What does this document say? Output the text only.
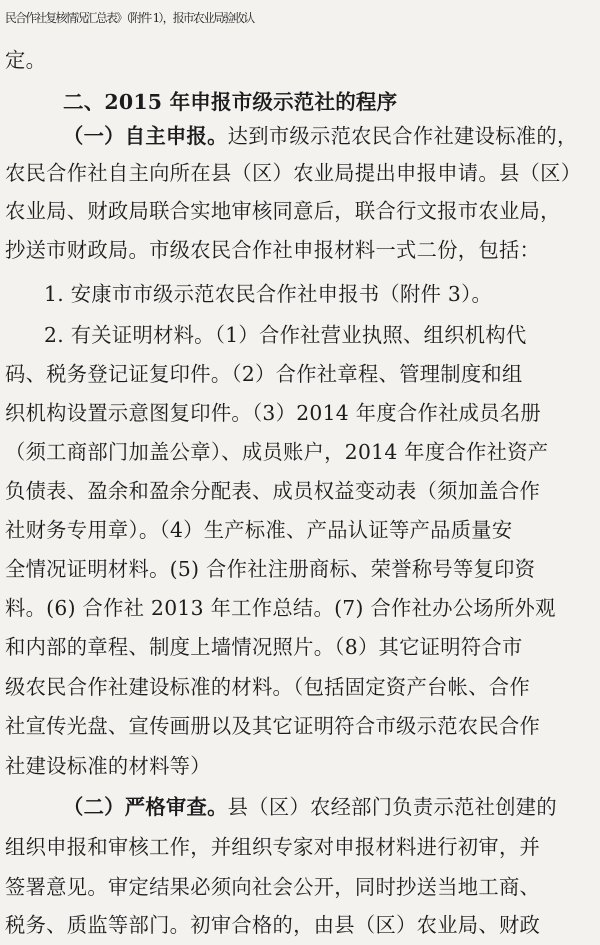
民合作社复核情况汇总表》（附件 1），报市农业局验收认
定。
二、2015 年申报市级示范社的程序
（一）自主申报。达到市级示范农民合作社建设标准的，
农民合作社自主向所在县（区）农业局提出申报申请。县（区）
农业局、财政局联合实地审核同意后，联合行文报市农业局，
抄送市财政局。市级农民合作社申报材料一式二份，包括：
1. 安康市市级示范农民合作社申报书（附件 3）。
2. 有关证明材料。（1）合作社营业执照、组织机构代
码、税务登记证复印件。（2）合作社章程、管理制度和组
织机构设置示意图复印件。（3）2014 年度合作社成员名册
（须工商部门加盖公章）、成员账户，2014 年度合作社资产
负债表、盈余和盈余分配表、成员权益变动表（须加盖合作
社财务专用章）。（4）生产标准、产品认证等产品质量安
全情况证明材料。(5) 合作社注册商标、荣誉称号等复印资
料。(6) 合作社 2013 年工作总结。(7) 合作社办公场所外观
和内部的章程、制度上墙情况照片。（8）其它证明符合市
级农民合作社建设标准的材料。（包括固定资产台帐、合作
社宣传光盘、宣传画册以及其它证明符合市级示范农民合作
社建设标准的材料等）
（二）严格审查。县（区）农经部门负责示范社创建的
组织申报和审核工作，并组织专家对申报材料进行初审，并
签署意见。审定结果必须向社会公开，同时抄送当地工商、
税务、质监等部门。初审合格的，由县（区）农业局、财政
